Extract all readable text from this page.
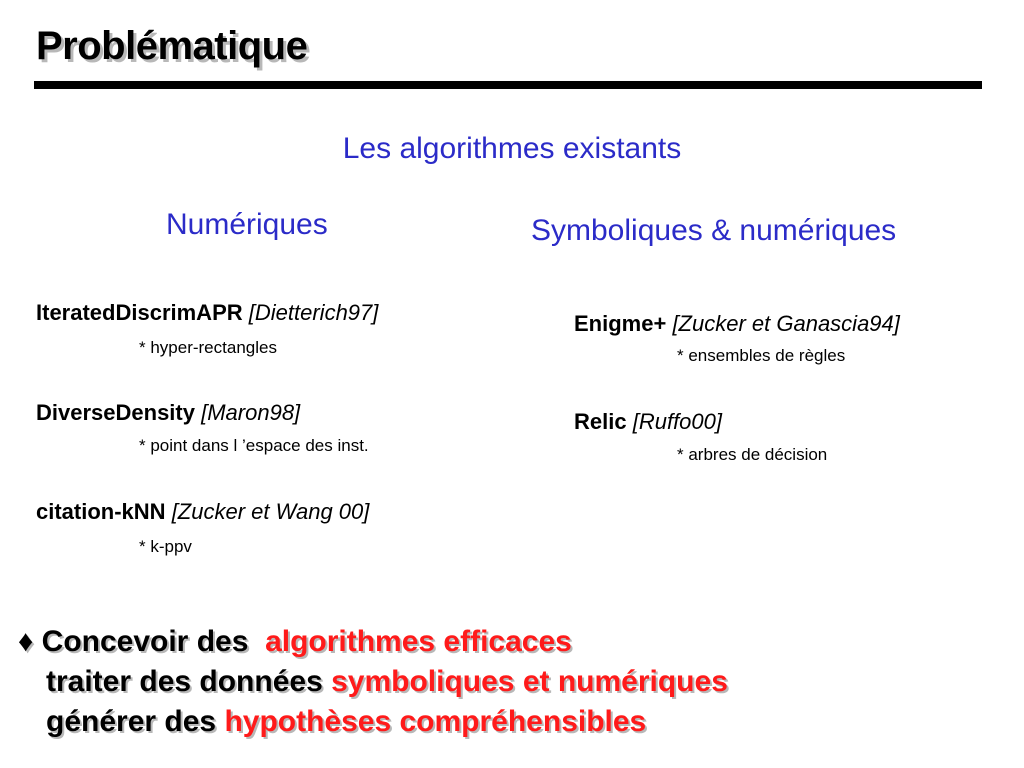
Problématique
Les algorithmes existants
Numériques	Symboliques & numériques
IteratedDiscrimAPR [Dietterich97]
* hyper-rectangles
DiverseDensity [Maron98]
* point dans l ’espace des inst.
citation-kNN [Zucker et Wang 00]
* k-ppv
Enigme+ [Zucker et Ganascia94]
* ensembles de règles
Relic [Ruffo00]
* arbres de décision
♦ Concevoir des algorithmes efficaces
traiter des données symboliques et numériques
générer des hypothèses compréhensibles
